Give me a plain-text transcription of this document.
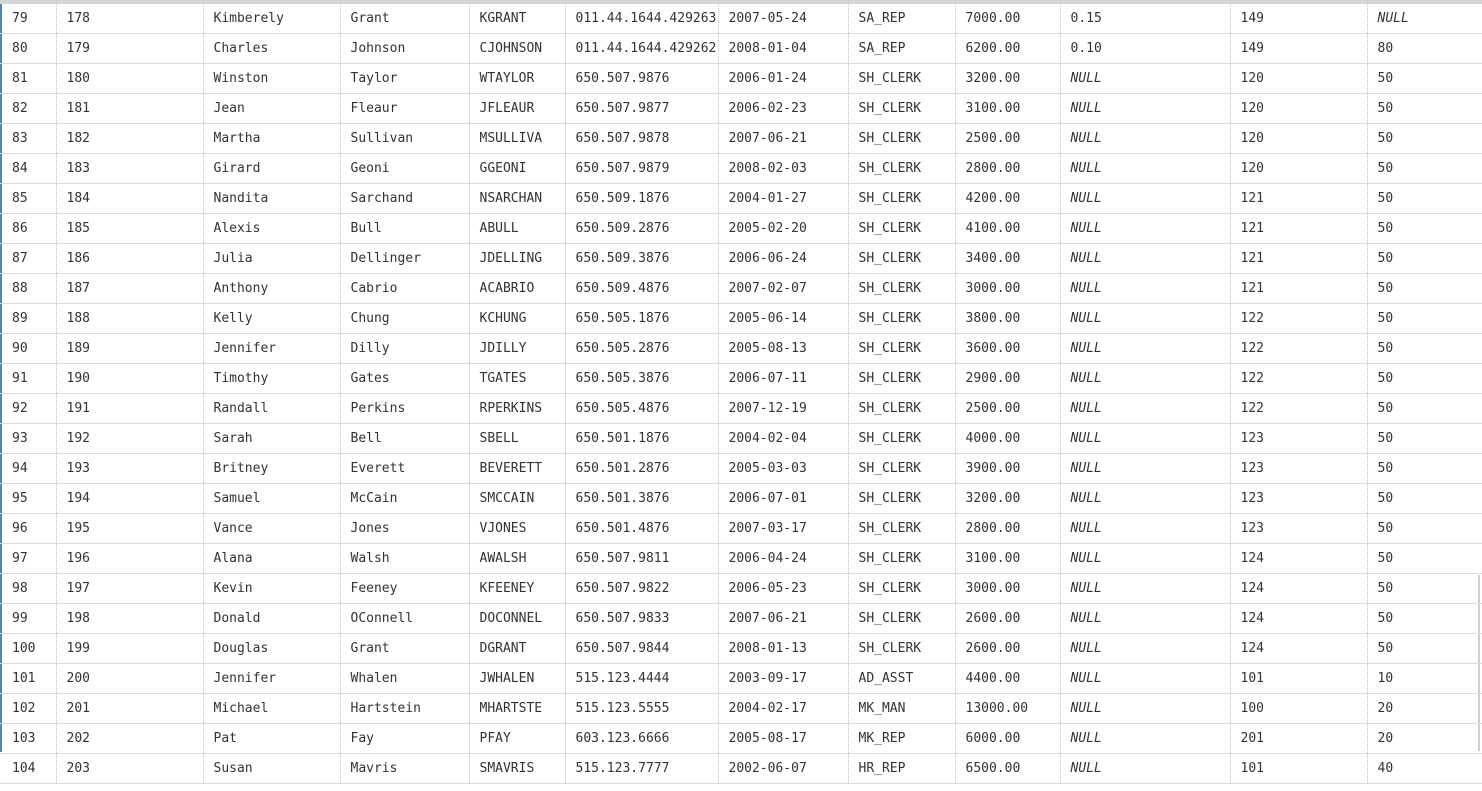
79	178	Kimberely	Grant	KGRANT	011.44.1644.429263	2007-05-24	SA_REP	7000.00	0.15	149	NULL
80	179	Charles	Johnson	CJOHNSON	011.44.1644.429262	2008-01-04	SA_REP	6200.00	0.10	149	80
81	180	Winston	Taylor	WTAYLOR	650.507.9876	2006-01-24	SH_CLERK	3200.00	NULL	120	50
82	181	Jean	Fleaur	JFLEAUR	650.507.9877	2006-02-23	SH_CLERK	3100.00	NULL	120	50
83	182	Martha	Sullivan	MSULLIVA	650.507.9878	2007-06-21	SH_CLERK	2500.00	NULL	120	50
84	183	Girard	Geoni	GGEONI	650.507.9879	2008-02-03	SH_CLERK	2800.00	NULL	120	50
85	184	Nandita	Sarchand	NSARCHAN	650.509.1876	2004-01-27	SH_CLERK	4200.00	NULL	121	50
86	185	Alexis	Bull	ABULL	650.509.2876	2005-02-20	SH_CLERK	4100.00	NULL	121	50
87	186	Julia	Dellinger	JDELLING	650.509.3876	2006-06-24	SH_CLERK	3400.00	NULL	121	50
88	187	Anthony	Cabrio	ACABRIO	650.509.4876	2007-02-07	SH_CLERK	3000.00	NULL	121	50
89	188	Kelly	Chung	KCHUNG	650.505.1876	2005-06-14	SH_CLERK	3800.00	NULL	122	50
90	189	Jennifer	Dilly	JDILLY	650.505.2876	2005-08-13	SH_CLERK	3600.00	NULL	122	50
91	190	Timothy	Gates	TGATES	650.505.3876	2006-07-11	SH_CLERK	2900.00	NULL	122	50
92	191	Randall	Perkins	RPERKINS	650.505.4876	2007-12-19	SH_CLERK	2500.00	NULL	122	50
93	192	Sarah	Bell	SBELL	650.501.1876	2004-02-04	SH_CLERK	4000.00	NULL	123	50
94	193	Britney	Everett	BEVERETT	650.501.2876	2005-03-03	SH_CLERK	3900.00	NULL	123	50
95	194	Samuel	McCain	SMCCAIN	650.501.3876	2006-07-01	SH_CLERK	3200.00	NULL	123	50
96	195	Vance	Jones	VJONES	650.501.4876	2007-03-17	SH_CLERK	2800.00	NULL	123	50
97	196	Alana	Walsh	AWALSH	650.507.9811	2006-04-24	SH_CLERK	3100.00	NULL	124	50
98	197	Kevin	Feeney	KFEENEY	650.507.9822	2006-05-23	SH_CLERK	3000.00	NULL	124	50
99	198	Donald	OConnell	DOCONNEL	650.507.9833	2007-06-21	SH_CLERK	2600.00	NULL	124	50
100	199	Douglas	Grant	DGRANT	650.507.9844	2008-01-13	SH_CLERK	2600.00	NULL	124	50
101	200	Jennifer	Whalen	JWHALEN	515.123.4444	2003-09-17	AD_ASST	4400.00	NULL	101	10
102	201	Michael	Hartstein	MHARTSTE	515.123.5555	2004-02-17	MK_MAN	13000.00	NULL	100	20
103	202	Pat	Fay	PFAY	603.123.6666	2005-08-17	MK_REP	6000.00	NULL	201	20
104	203	Susan	Mavris	SMAVRIS	515.123.7777	2002-06-07	HR_REP	6500.00	NULL	101	40
